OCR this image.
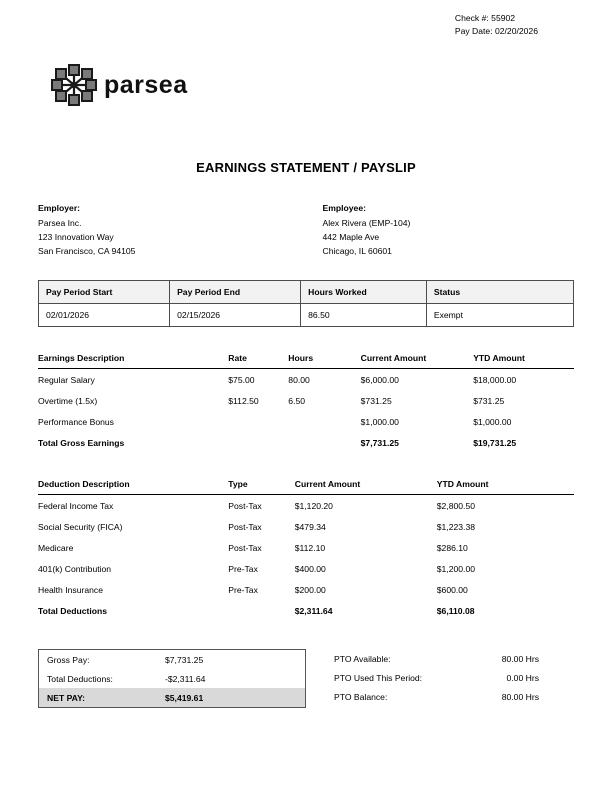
parsea
Check #: 55902
Pay Date: 02/20/2026
EARNINGS STATEMENT / PAYSLIP
Employer:
Parsea Inc.
123 Innovation Way
San Francisco, CA 94105
Employee:
Alex Rivera (EMP-104)
442 Maple Ave
Chicago, IL 60601
Pay Period Start	Pay Period End	Hours Worked	Status
02/01/2026	02/15/2026	86.50	Exempt
Earnings Description	Rate	Hours	Current Amount	YTD Amount
Regular Salary	$75.00	80.00	$6,000.00	$18,000.00
Overtime (1.5x)	$112.50	6.50	$731.25	$731.25
Performance Bonus			$1,000.00	$1,000.00
Total Gross Earnings			$7,731.25	$19,731.25
Deduction Description	Type	Current Amount	YTD Amount
Federal Income Tax	Post-Tax	$1,120.20	$2,800.50
Social Security (FICA)	Post-Tax	$479.34	$1,223.38
Medicare	Post-Tax	$112.10	$286.10
401(k) Contribution	Pre-Tax	$400.00	$1,200.00
Health Insurance	Pre-Tax	$200.00	$600.00
Total Deductions		$2,311.64	$6,110.08
Gross Pay:	$7,731.25
Total Deductions:	-$2,311.64
NET PAY:	$5,419.61
PTO Available:	80.00 Hrs
PTO Used This Period:	0.00 Hrs
PTO Balance:	80.00 Hrs
